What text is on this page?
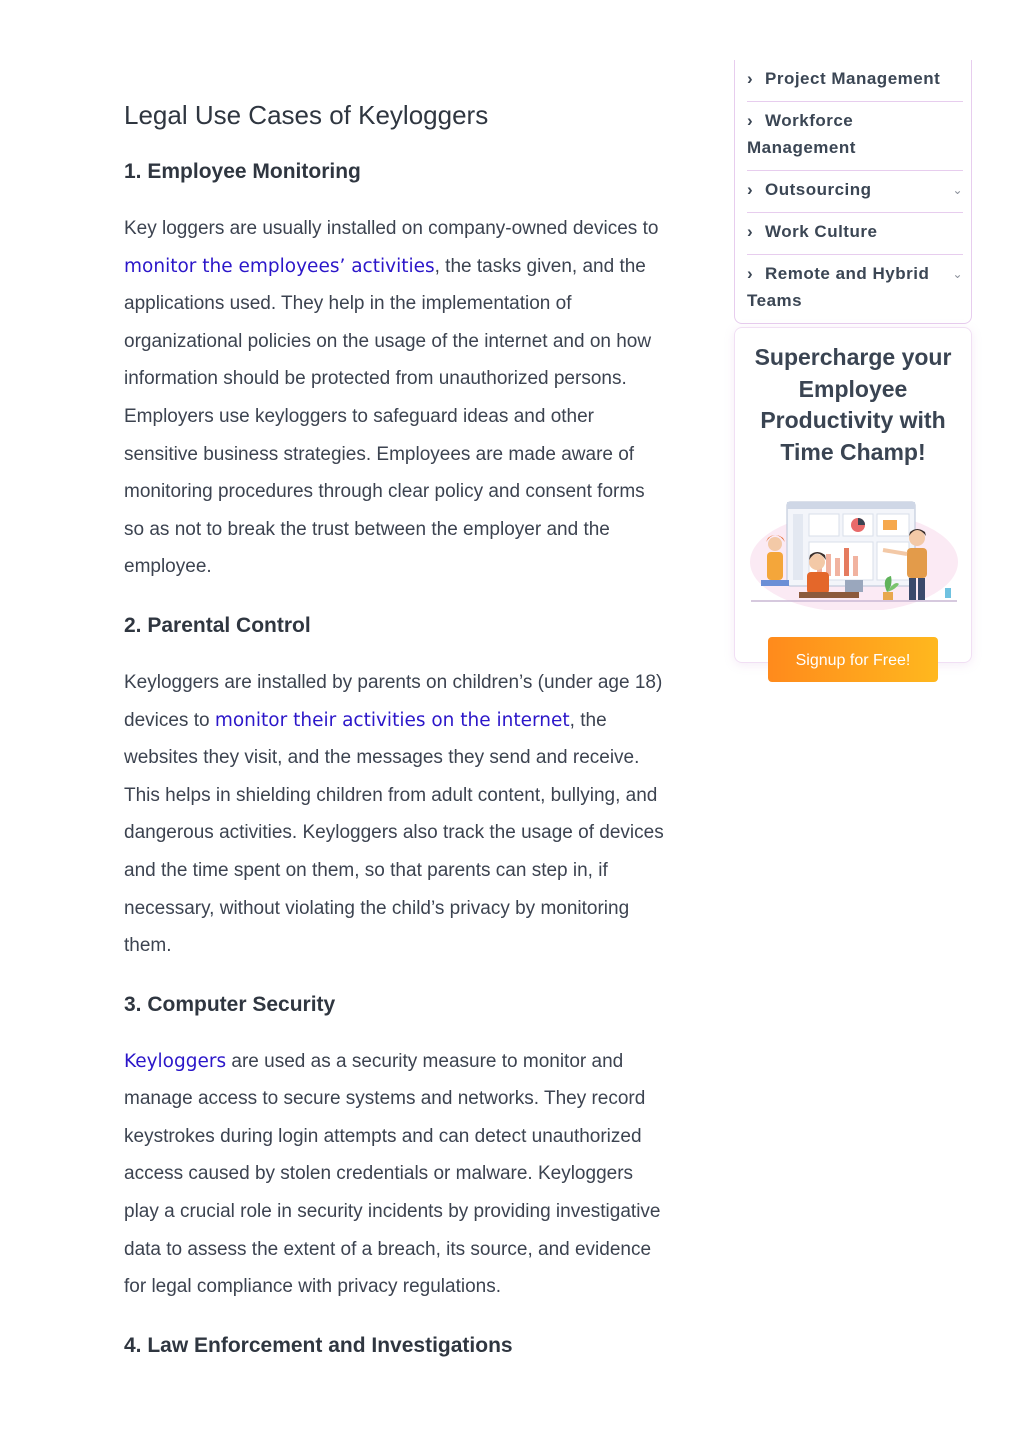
Legal Use Cases of Keyloggers
1. Employee Monitoring

Key loggers are usually installed on company-owned devices to monitor the employees’ activities, the tasks given, and the applications used. They help in the implementation of organizational policies on the usage of the internet and on how information should be protected from unauthorized persons. Employers use keyloggers to safeguard ideas and other sensitive business strategies. Employees are made aware of monitoring procedures through clear policy and consent forms so as not to break the trust between the employer and the employee.

2. Parental Control

Keyloggers are installed by parents on children’s (under age 18) devices to monitor their activities on the internet, the websites they visit, and the messages they send and receive. This helps in shielding children from adult content, bullying, and dangerous activities. Keyloggers also track the usage of devices and the time spent on them, so that parents can step in, if necessary, without violating the child’s privacy by monitoring them.

3. Computer Security

Keyloggers are used as a security measure to monitor and manage access to secure systems and networks. They record keystrokes during login attempts and can detect unauthorized access caused by stolen credentials or malware. Keyloggers play a crucial role in security incidents by providing investigative data to assess the extent of a breach, its source, and evidence for legal compliance with privacy regulations.

4. Law Enforcement and Investigations
› Project Management
› Workforce Management
› Outsourcing	⌄
› Work Culture
› Remote and Hybrid Teams
⌄
Supercharge your Employee Productivity with Time Champ!
Signup for Free!
